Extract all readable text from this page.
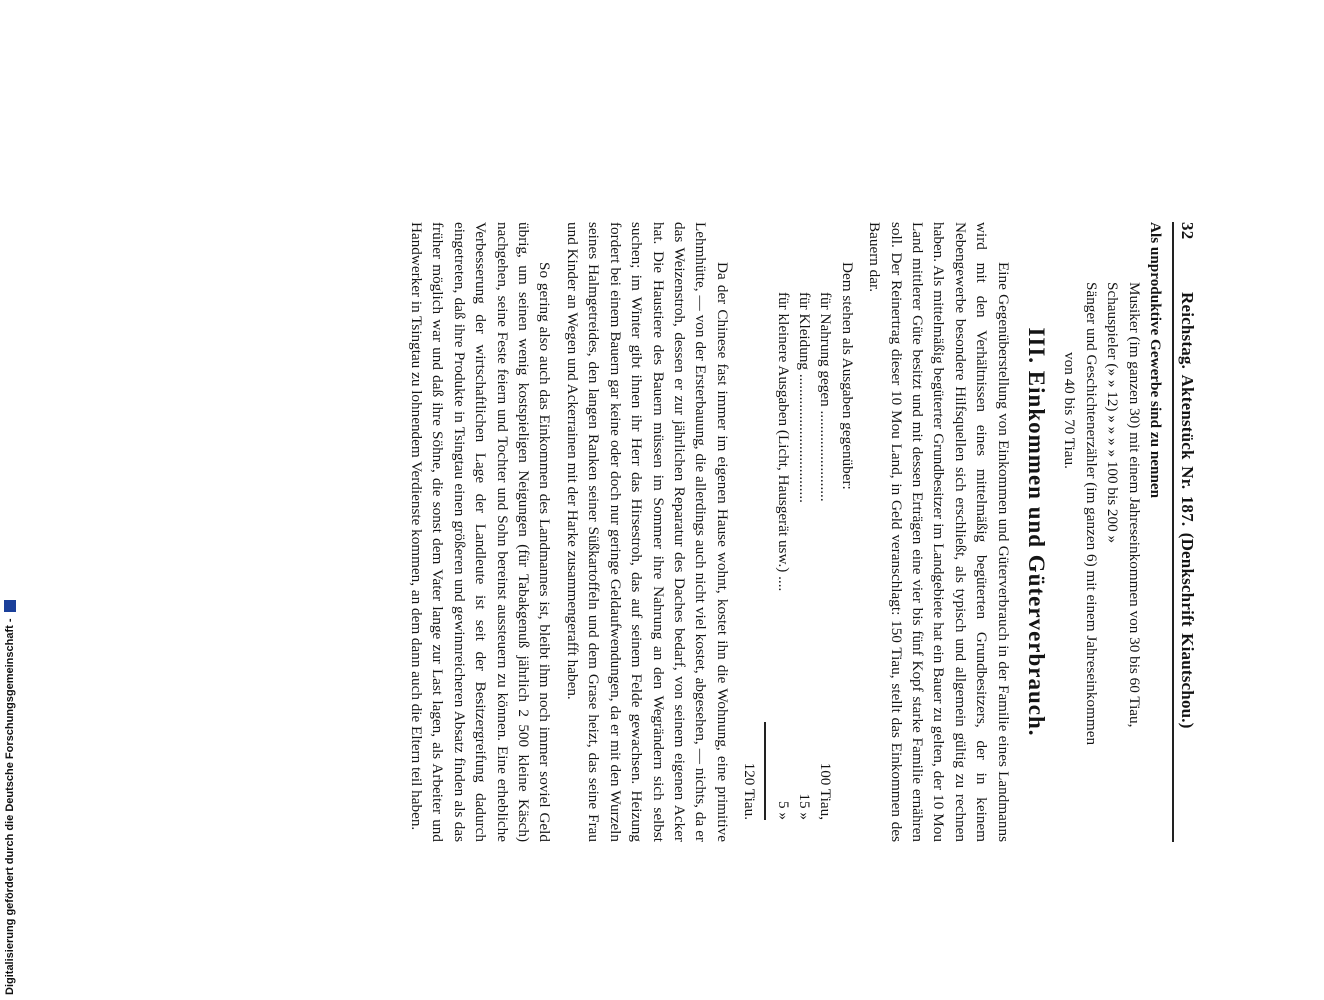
32
Reichstag. Aktenstück Nr. 187. (Denkschrift Kiautschou.)
Als unproduktive Gewerbe sind zu nennen
Musiker (im ganzen 30) mit einem Jahreseinkommen von 30 bis 60 Tiau,
Schauspieler (» » 12) » » » » 100 bis 200 »
Sänger und Geschichtenerzähler (im ganzen 6) mit einem Jahreseinkommen
von 40 bis 70 Tiau.
III. Einkommen und Güterverbrauch.
Eine Gegenüberstellung von Einkommen und Güterverbrauch in der Familie eines Landmanns wird mit den Verhältnissen eines mittelmäßig begüterten Grundbesitzers, der in keinem Nebengewerbe besondere Hilfsquellen sich erschließt, als typisch und allgemein gültig zu rechnen haben. Als mittelmäßig begüterter Grundbesitzer im Landgebiete hat ein Bauer zu gelten, der 10 Mou Land mittlerer Güte besitzt und mit dessen Erträgen eine vier bis fünf Kopf starke Familie ernähren soll. Der Reinertrag dieser 10 Mou Land, in Geld veranschlagt: 150 Tiau, stellt das Einkommen des Bauern dar.
Dem stehen als Ausgaben gegenüber:
für Nahrung gegen ........................
100 Tiau,
für Kleidung ..................................
15 »
für kleinere Ausgaben (Licht, Hausgerät usw.) ....
5 »
120 Tiau.
Da der Chinese fast immer im eigenen Hause wohnt, kostet ihn die Wohnung, eine primitive Lehmhütte, — von der Ersterbauung, die allerdings auch nicht viel kostet, abgesehen, — nichts, da er das Weizenstroh, dessen er zur jährlichen Reparatur des Daches bedarf, von seinem eigenen Acker hat. Die Haustiere des Bauern müssen im Sommer ihre Nahrung an den Wegrändern sich selbst suchen; im Winter gibt ihnen ihr Herr das Hirsestroh, das auf seinem Felde gewachsen. Heizung fordert bei einem Bauern gar keine oder doch nur geringe Geldaufwendungen, da er mit den Wurzeln seines Halmgetreides, den langen Ranken seiner Süßkartoffeln und dem Grase heizt, das seine Frau und Kinder an Wegen und Ackerrainen mit der Harke zusammengerafft haben.
So gering also auch das Einkommen des Landmannes ist, bleibt ihm noch immer soviel Geld übrig, um seinen wenig kostspieligen Neigungen (für Tabakgenuß jährlich 2 500 kleine Käsch) nachgehen, seine Feste feiern und Tochter und Sohn bereinst aussteuern zu können. Eine erhebliche Verbesserung der wirtschaftlichen Lage der Landleute ist seit der Besitzergreifung dadurch eingetreten, daß ihre Produkte in Tsingtau einen größeren und gewinnreicheren Absatz finden als das früher möglich war und daß ihre Söhne, die sonst dem Vater lange zur Last lagen, als Arbeiter und Handwerker in Tsingtau zu lohnendem Verdienste kommen, an dem dann auch die Eltern teil haben.
Digitalisierung gefördert durch die Deutsche Forschungsgemeinschaft -
